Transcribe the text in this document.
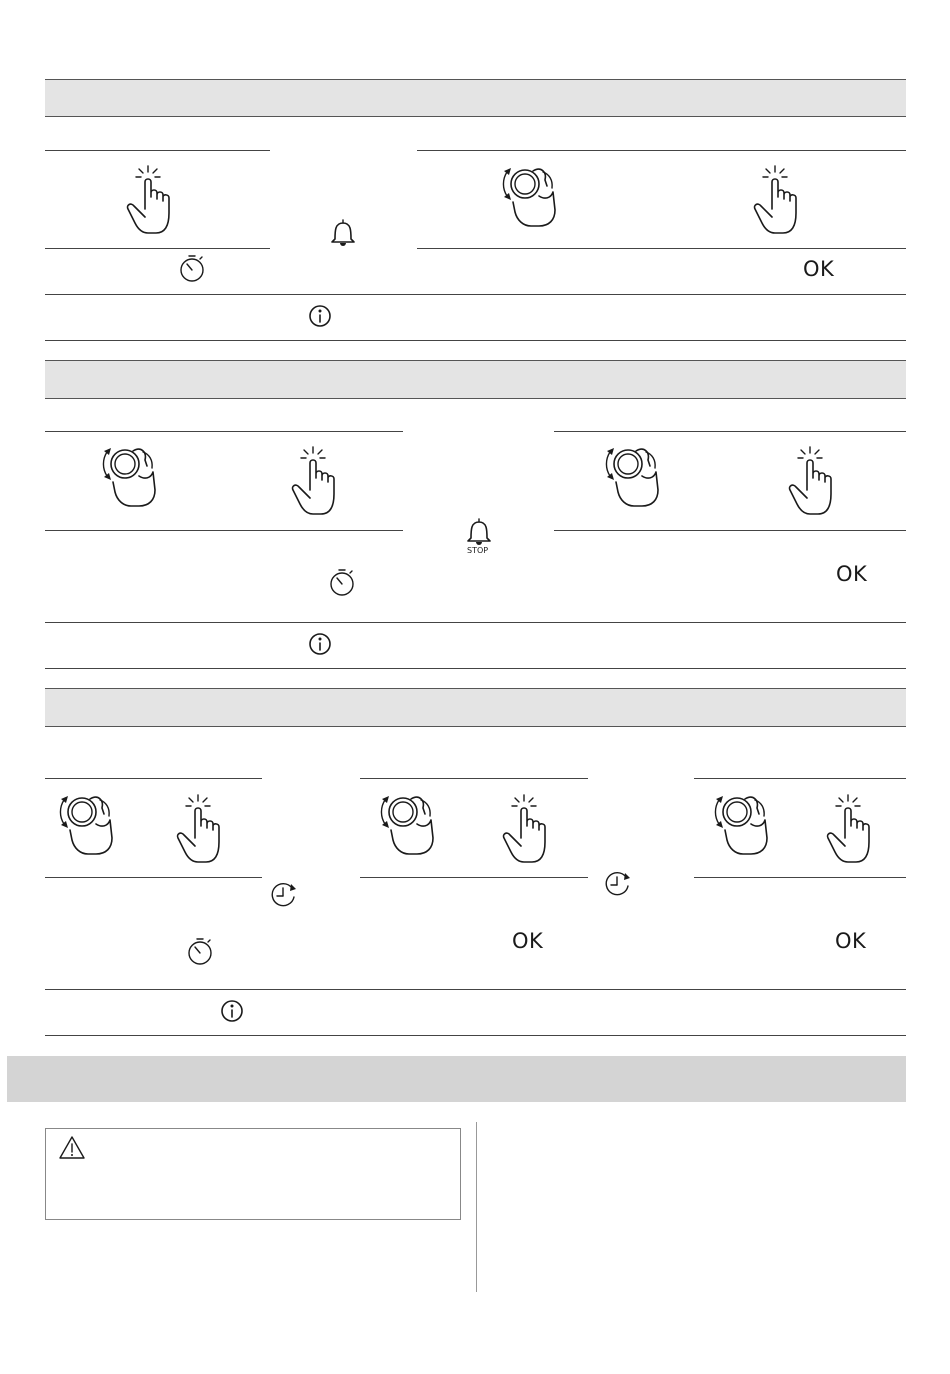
OK
STOP
OK
OK	OK
